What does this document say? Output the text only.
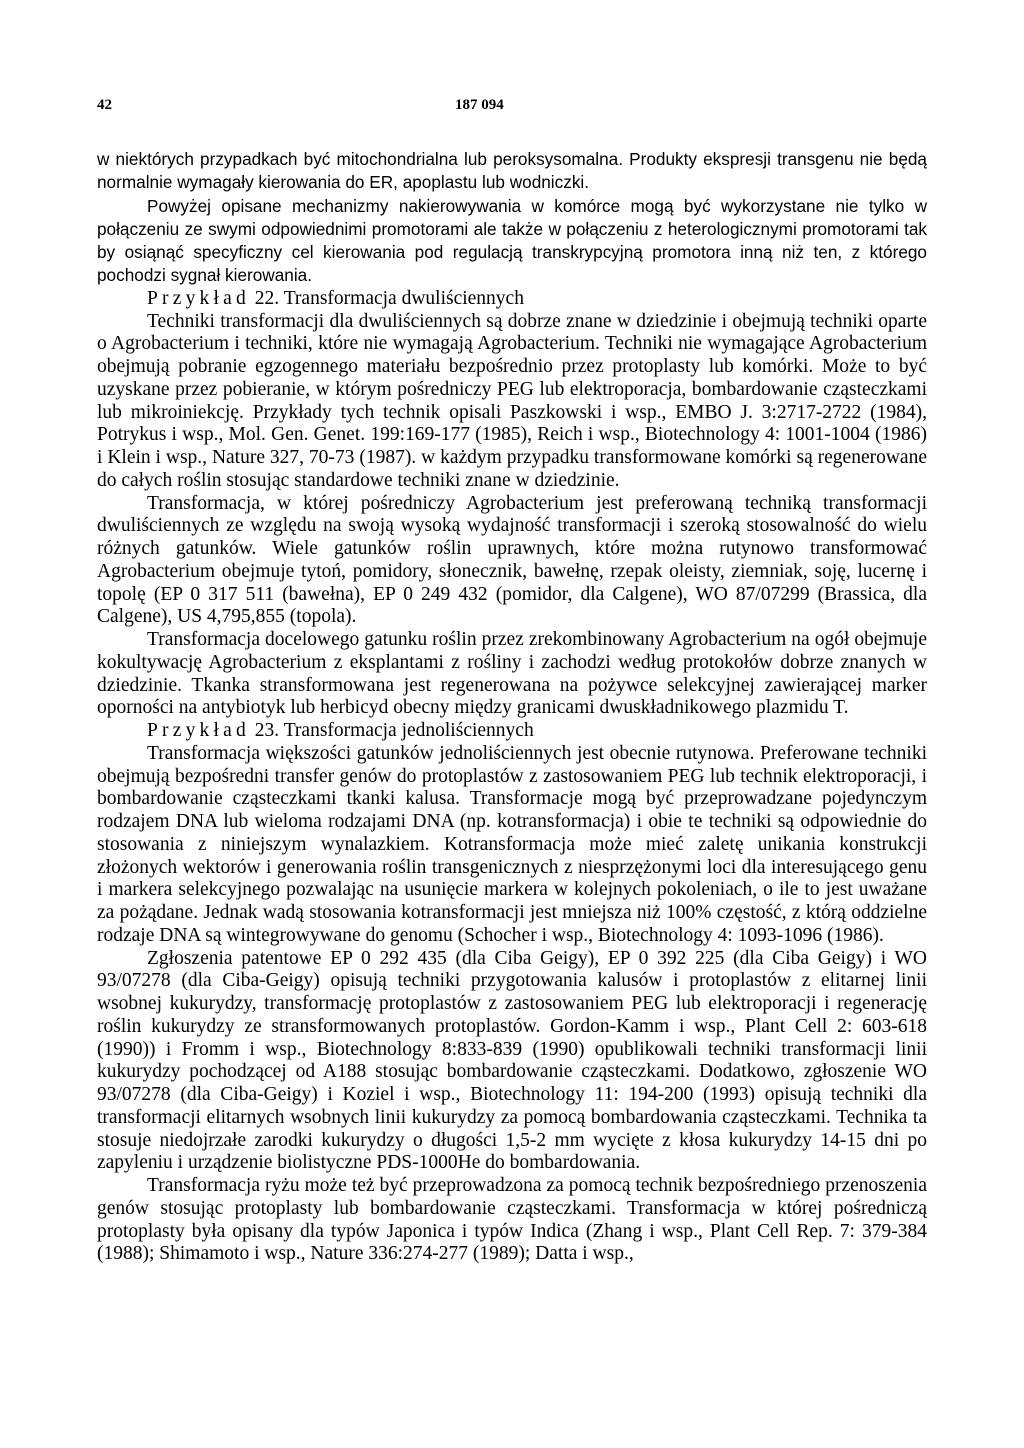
42	187 094

w niektórych przypadkach być mitochondrialna lub peroksysomalna. Produkty ekspresji transgenu nie będą normalnie wymagały kierowania do ER, apoplastu lub wodniczki.

Powyżej opisane mechanizmy nakierowywania w komórce mogą być wykorzystane nie tylko w połączeniu ze swymi odpowiednimi promotorami ale także w połączeniu z heterologicznymi promotorami tak by osiąnąć specyficzny cel kierowania pod regulacją transkrypcyjną promotora inną niż ten, z którego pochodzi sygnał kierowania.

Przykład 22. Transformacja dwuliściennych

Techniki transformacji dla dwuliściennych są dobrze znane w dziedzinie i obejmują techniki oparte o Agrobacterium i techniki, które nie wymagają Agrobacterium. Techniki nie wymagające Agrobacterium obejmują pobranie egzogennego materiału bezpośrednio przez protoplasty lub komórki. Może to być uzyskane przez pobieranie, w którym pośredniczy PEG lub elektroporacja, bombardowanie cząsteczkami lub mikroiniekcję. Przykłady tych technik opisali Paszkowski i wsp., EMBO J. 3:2717-2722 (1984), Potrykus i wsp., Mol. Gen. Genet. 199:169-177 (1985), Reich i wsp., Biotechnology 4: 1001-1004 (1986) i Klein i wsp., Nature 327, 70-73 (1987). w każdym przypadku transformowane komórki są regenerowane do całych roślin stosując standardowe techniki znane w dziedzinie.

Transformacja, w której pośredniczy Agrobacterium jest preferowaną techniką transformacji dwuliściennych ze względu na swoją wysoką wydajność transformacji i szeroką stosowalność do wielu różnych gatunków. Wiele gatunków roślin uprawnych, które można rutynowo transformować Agrobacterium obejmuje tytoń, pomidory, słonecznik, bawełnę, rzepak oleisty, ziemniak, soję, lucernę i topolę (EP 0 317 511 (bawełna), EP 0 249 432 (pomidor, dla Calgene), WO 87/07299 (Brassica, dla Calgene), US 4,795,855 (topola).

Transformacja docelowego gatunku roślin przez zrekombinowany Agrobacterium na ogół obejmuje kokultywację Agrobacterium z eksplantami z rośliny i zachodzi według protokołów dobrze znanych w dziedzinie. Tkanka stransformowana jest regenerowana na pożywce selekcyjnej zawierającej marker oporności na antybiotyk lub herbicyd obecny między granicami dwuskładnikowego plazmidu T.

Przykład 23. Transformacja jednoliściennych

Transformacja większości gatunków jednoliściennych jest obecnie rutynowa. Preferowane techniki obejmują bezpośredni transfer genów do protoplastów z zastosowaniem PEG lub technik elektroporacji, i bombardowanie cząsteczkami tkanki kalusa. Transformacje mogą być przeprowadzane pojedynczym rodzajem DNA lub wieloma rodzajami DNA (np. kotransformacja) i obie te techniki są odpowiednie do stosowania z niniejszym wynalazkiem. Kotransformacja może mieć zaletę unikania konstrukcji złożonych wektorów i generowania roślin transgenicznych z niesprzężonymi loci dla interesującego genu i markera selekcyjnego pozwalając na usunięcie markera w kolejnych pokoleniach, o ile to jest uważane za pożądane. Jednak wadą stosowania kotransformacji jest mniejsza niż 100% częstość, z którą oddzielne rodzaje DNA są wintegrowywane do genomu (Schocher i wsp., Biotechnology 4: 1093-1096 (1986).

Zgłoszenia patentowe EP 0 292 435 (dla Ciba Geigy), EP 0 392 225 (dla Ciba Geigy) i WO 93/07278 (dla Ciba-Geigy) opisują techniki przygotowania kalusów i protoplastów z elitarnej linii wsobnej kukurydzy, transformację protoplastów z zastosowaniem PEG lub elektroporacji i regenerację roślin kukurydzy ze stransformowanych protoplastów. Gordon-Kamm i wsp., Plant Cell 2: 603-618 (1990)) i Fromm i wsp., Biotechnology 8:833-839 (1990) opublikowali techniki transformacji linii kukurydzy pochodzącej od A188 stosując bombardowanie cząsteczkami. Dodatkowo, zgłoszenie WO 93/07278 (dla Ciba-Geigy) i Koziel i wsp., Biotechnology 11: 194-200 (1993) opisują techniki dla transformacji elitarnych wsobnych linii kukurydzy za pomocą bombardowania cząsteczkami. Technika ta stosuje niedojrzałe zarodki kukurydzy o długości 1,5-2 mm wycięte z kłosa kukurydzy 14-15 dni po zapyleniu i urządzenie biolistyczne PDS-1000He do bombardowania.

Transformacja ryżu może też być przeprowadzona za pomocą technik bezpośredniego przenoszenia genów stosując protoplasty lub bombardowanie cząsteczkami. Transformacja w której pośredniczą protoplasty była opisany dla typów Japonica i typów Indica (Zhang i wsp., Plant Cell Rep. 7: 379-384 (1988); Shimamoto i wsp., Nature 336:274-277 (1989); Datta i wsp.,
